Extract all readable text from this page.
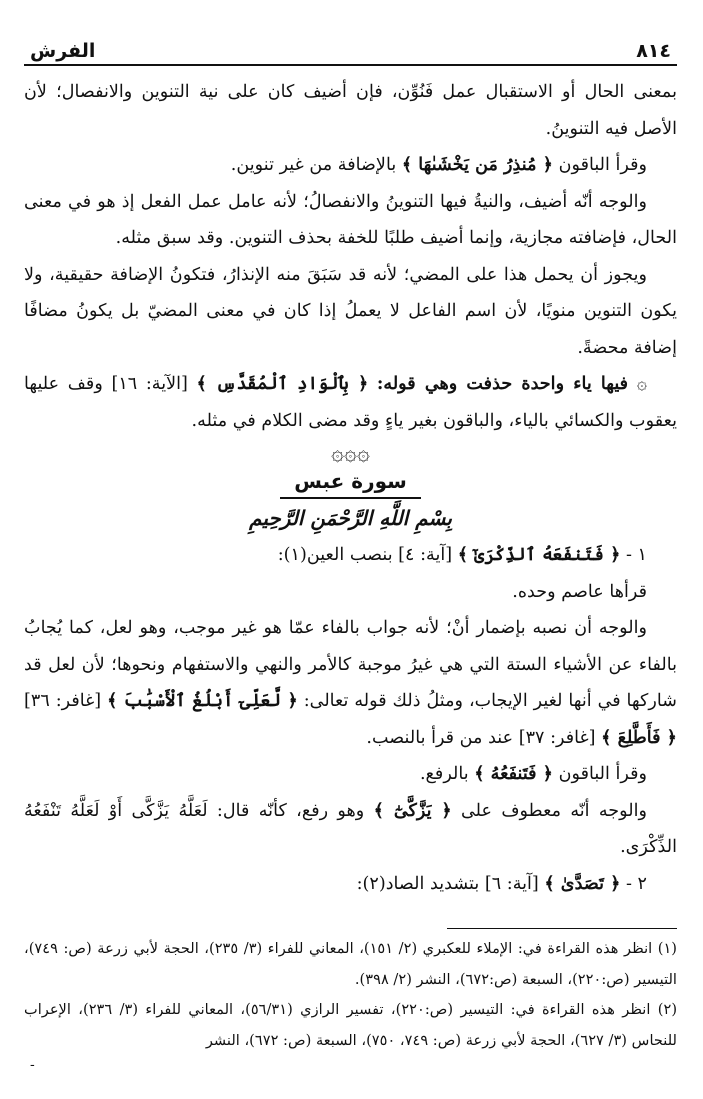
٨١٤
الفرش

بمعنى الحال أو الاستقبال عمل فَنُوِّن، فإن أضيف كان على نية التنوين والانفصال؛ لأن الأصل فيه التنوينُ.

وقرأ الباقون ﴿ مُنذِرُ مَن يَخْشَىٰهَا ﴾ بالإضافة من غير تنوين.

والوجه أنّه أضيف، والنيةُ فيها التنوينُ والانفصالُ؛ لأنه عامل عمل الفعل إذ هو في معنى الحال، فإضافته مجازية، وإنما أضيف طلبًا للخفة بحذف التنوين. وقد سبق مثله.

ويجوز أن يحمل هذا على المضي؛ لأنه قد سَبَقَ منه الإنذارُ، فتكونُ الإضافة حقيقية، ولا يكون التنوين منويًا، لأن اسم الفاعل لا يعملُ إذا كان في معنى المضيّ بل يكونُ مضافًا إضافة محضةً.

۞ فيها ياء واحدة حذفت وهي قوله: ﴿ بِٱلْوَادِ ٱلْمُقَدَّسِ ﴾ [الآية: ١٦] وقف عليها يعقوب والكسائي بالياء، والباقون بغير ياءٍ وقد مضى الكلام في مثله.

۞۞۞
سورة عبس
بِسْمِ اللَّهِ الرَّحْمَنِ الرَّحِيمِ

١ - ﴿ فَتَنفَعَهُ ٱلذِّكْرَىٰٓ ﴾ [آية: ٤] بنصب العين(١):

قرأها عاصم وحده.

والوجه أن نصبه بإضمار أنْ؛ لأنه جواب بالفاء عمّا هو غير موجب، وهو لعل، كما يُجابُ بالفاء عن الأشياء الستة التي هي غيرُ موجبة كالأمر والنهي والاستفهام ونحوها؛ لأن لعل قد شاركها في أنها لغير الإيجاب، ومثلُ ذلك قوله تعالى: ﴿ لَّعَلِّىٓ أَبْلُغُ ٱلْأَسْبَٰبَ ﴾ [غافر: ٣٦] ﴿ فَأَطَّلِعَ ﴾ [غافر: ٣٧] عند من قرأ بالنصب.

وقرأ الباقون ﴿ فَتَنفَعُهُ ﴾ بالرفع.

والوجه أنّه معطوف على ﴿ يَزَّكَّىٰٓ ﴾ وهو رفع، كأنّه قال: لَعَلَّهُ يَزَّكَّى أَوْ لَعَلَّهُ تَنْفَعُهُ الذِّكْرَى.

٢ - ﴿ تَصَدَّىٰ ﴾ [آية: ٦] بتشديد الصاد(٢):

(١) انظر هذه القراءة في: الإملاء للعكبري (٢/ ١٥١)، المعاني للفراء (٣/ ٢٣٥)، الحجة لأبي زرعة (ص: ٧٤٩)، التيسير (ص:٢٢٠)، السبعة (ص:٦٧٢)، النشر (٢/ ٣٩٨).

(٢) انظر هذه القراءة في: التيسير (ص:٢٢٠)، تفسير الرازي (٥٦/٣١)، المعاني للفراء (٣/ ٢٣٦)، الإعراب للنحاس (٣/ ٦٢٧)، الحجة لأبي زرعة (ص: ٧٤٩، ٧٥٠)، السبعة (ص: ٦٧٢)، النشر

-
